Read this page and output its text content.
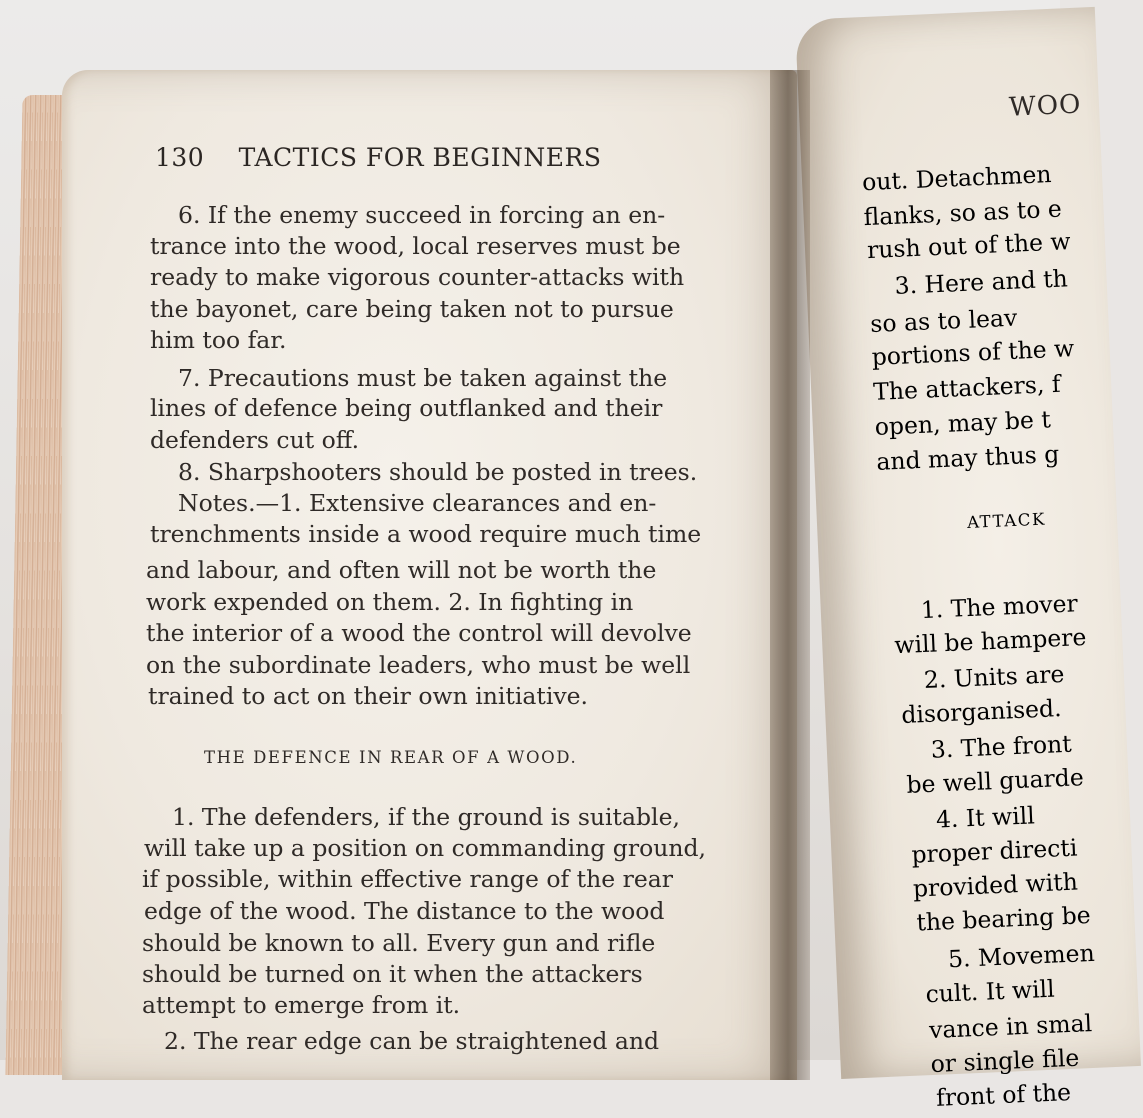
WOO
out. Detachmen
flanks, so as to e
rush out of the w
3. Here and th
so as to leav
portions of the w
The attackers, f
open, may be t
and may thus g
ATTACK
1. The mover
will be hampere
2. Units are
disorganised.
3. The front
be well guarde
4. It will
proper directi
provided with
the bearing be
5. Movemen
cult. It will
vance in smal
or single file
front of the
130 TACTICS FOR BEGINNERS
6. If the enemy succeed in forcing an en-
trance into the wood, local reserves must be
ready to make vigorous counter-attacks with
the bayonet, care being taken not to pursue
him too far.
7. Precautions must be taken against the
lines of defence being outflanked and their
defenders cut off.
8. Sharpshooters should be posted in trees.
Notes.—1. Extensive clearances and en-
trenchments inside a wood require much time
and labour, and often will not be worth the
work expended on them. 2. In fighting in
the interior of a wood the control will devolve
on the subordinate leaders, who must be well
trained to act on their own initiative.
THE DEFENCE IN REAR OF A WOOD.
1. The defenders, if the ground is suitable,
will take up a position on commanding ground,
if possible, within effective range of the rear
edge of the wood. The distance to the wood
should be known to all. Every gun and rifle
should be turned on it when the attackers
attempt to emerge from it.
2. The rear edge can be straightened and
